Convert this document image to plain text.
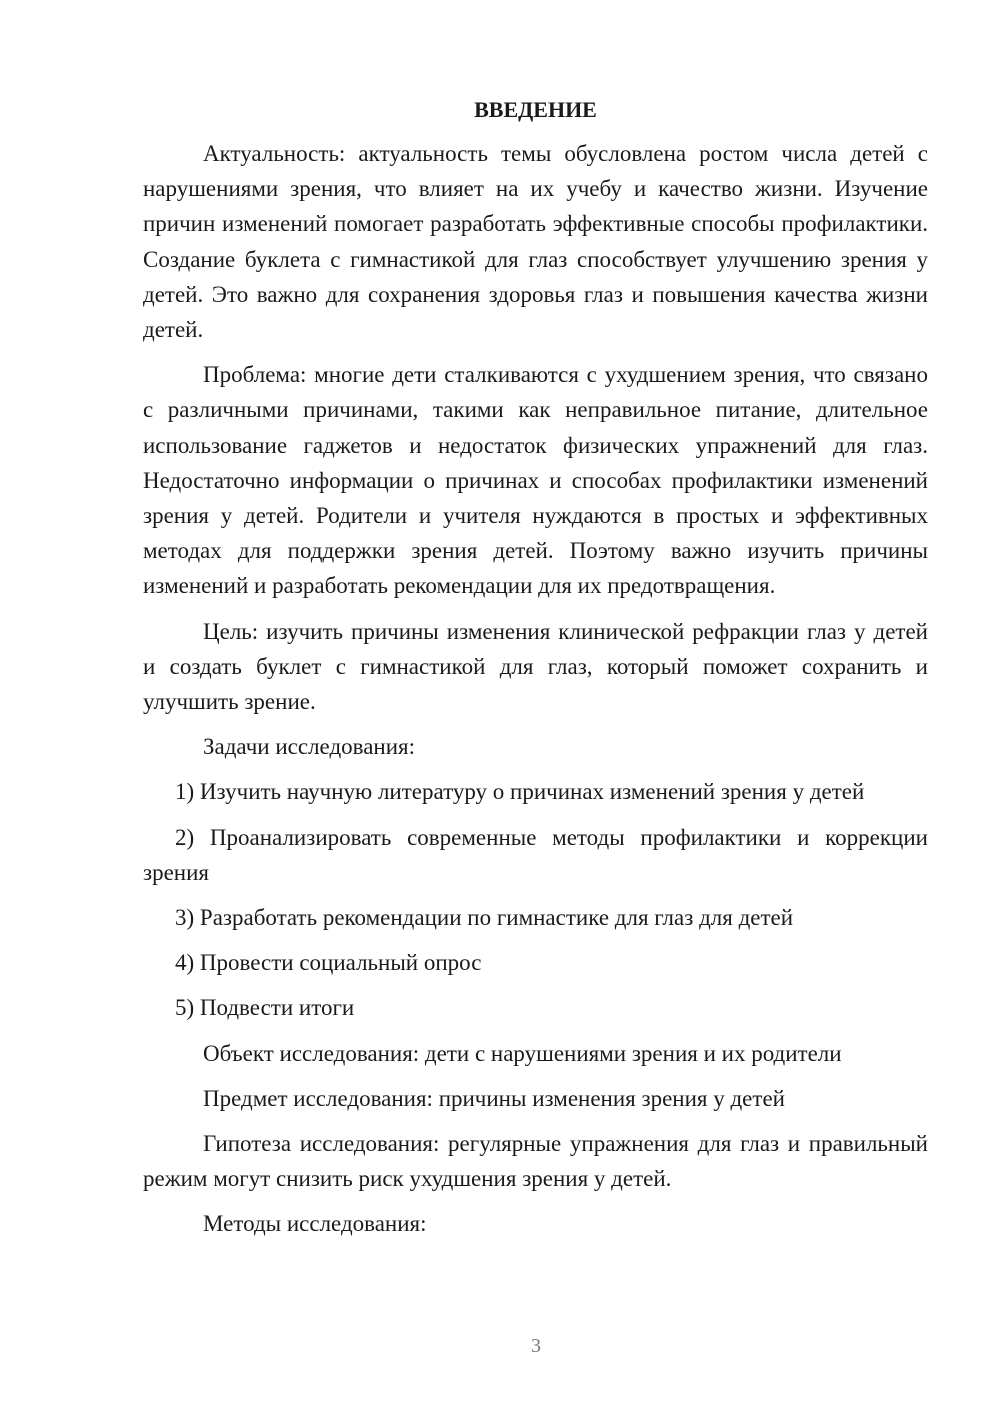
ВВЕДЕНИЕ

Актуальность: актуальность темы обусловлена ростом числа детей с нарушениями зрения, что влияет на их учебу и качество жизни. Изучение причин изменений помогает разработать эффективные способы профилактики. Создание буклета с гимнастикой для глаз способствует улучшению зрения у детей. Это важно для сохранения здоровья глаз и повышения качества жизни детей.

Проблема: многие дети сталкиваются с ухудшением зрения, что связано с различными причинами, такими как неправильное питание, длительное использование гаджетов и недостаток физических упражнений для глаз. Недостаточно информации о причинах и способах профилактики изменений зрения у детей. Родители и учителя нуждаются в простых и эффективных методах для поддержки зрения детей. Поэтому важно изучить причины изменений и разработать рекомендации для их предотвращения.

Цель: изучить причины изменения клинической рефракции глаз у детей и создать буклет с гимнастикой для глаз, который поможет сохранить и улучшить зрение.

Задачи исследования:

1) Изучить научную литературу о причинах изменений зрения у детей

2) Проанализировать современные методы профилактики и коррекции зрения

3) Разработать рекомендации по гимнастике для глаз для детей

4) Провести социальный опрос

5) Подвести итоги

Объект исследования: дети с нарушениями зрения и их родители

Предмет исследования: причины изменения зрения у детей

Гипотеза исследования: регулярные упражнения для глаз и правильный режим могут снизить риск ухудшения зрения у детей.

Методы исследования:

3
